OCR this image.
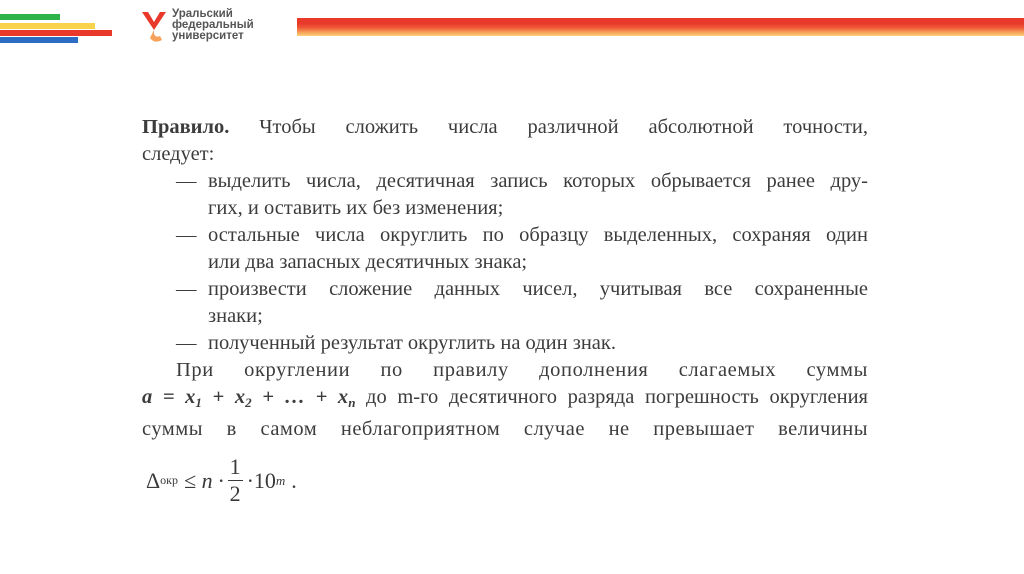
Уральский
федеральный
университет

Правило. Чтобы сложить числа различной абсолютной точности,

следует:

— выделить числа, десятичная запись которых обрывается ранее дру-
гих, и оставить их без изменения;
— остальные числа округлить по образцу выделенных, сохраняя один
или два запасных десятичных знака;
— произвести сложение данных чисел, учитывая все сохраненные
знаки;
— полученный результат округлить на один знак.

При округлении по правилу дополнения слагаемых суммы

$a = x_1 + x_2$ + … + $x_n$ до m-го десятичного разряда погрешность округления

суммы в самом неблагоприятном случае не превышает величины

Δ окр ≤ $n \cdot \frac{1}{2} \cdot 10$ m .
